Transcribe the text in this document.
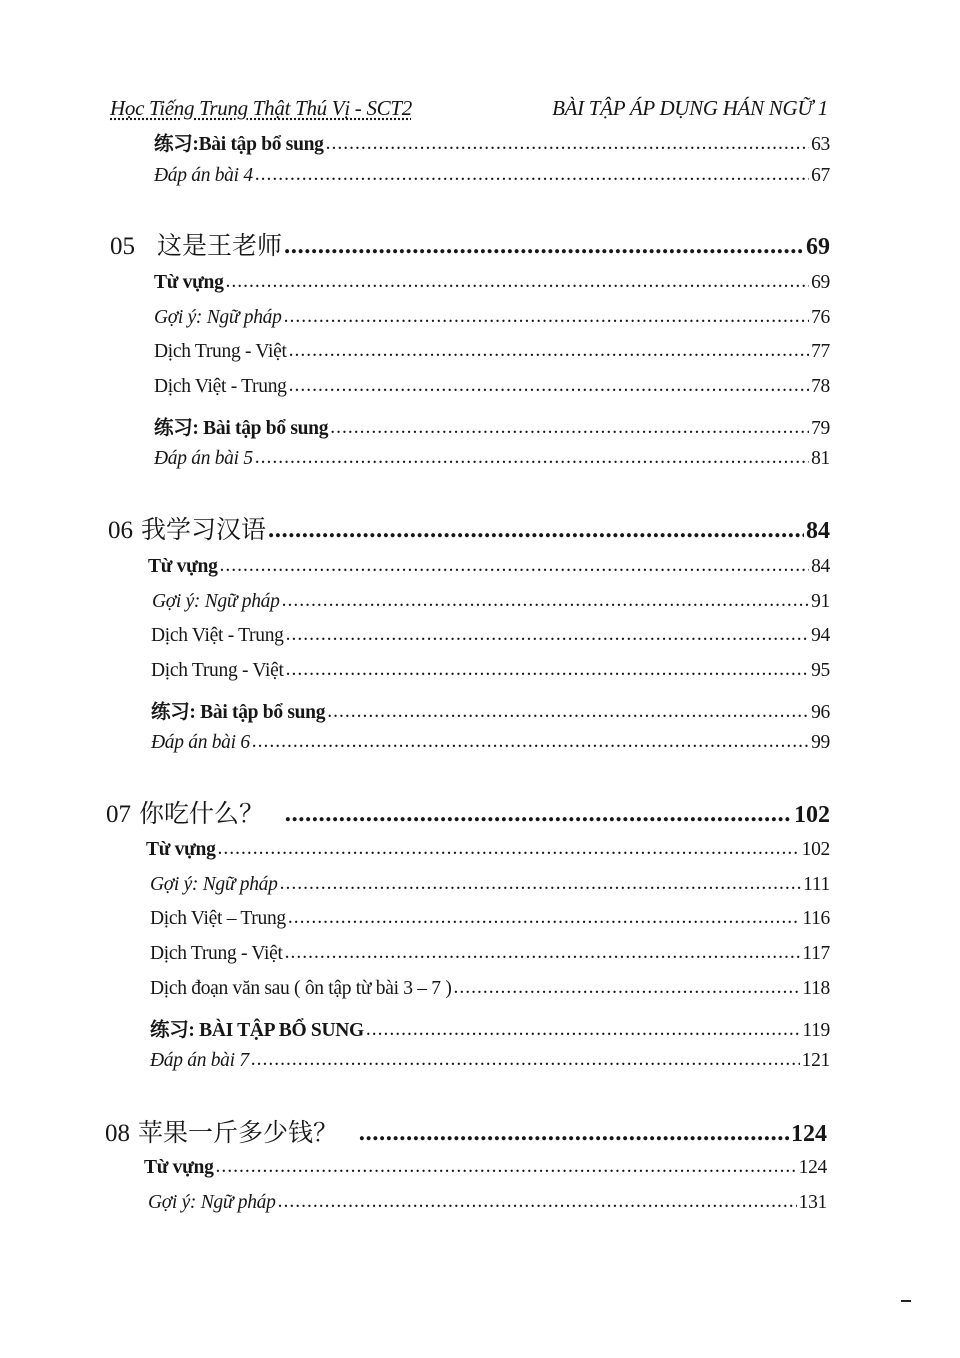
Học Tiếng Trung Thật Thú Vị - SCT2	BÀI TẬP ÁP DỤNG HÁN NGỮ 1
练习:Bài tập bổ sung .....	63
Đáp án bài 4 .....	67
05 这是王老师 .....	69
Từ vựng .....	69
Gợi ý: Ngữ pháp .....	76
Dịch Trung - Việt .....	77
Dịch Việt - Trung .....	78
练习: Bài tập bổ sung .....	79
Đáp án bài 5 .....	81
06 我学习汉语 .....	84
Từ vựng .....	84
Gợi ý: Ngữ pháp .....	91
Dịch Việt - Trung .....	94
Dịch Trung - Việt .....	95
练习: Bài tập bổ sung .....	96
Đáp án bài 6 .....	99
07 你吃什么？ .....	102
Từ vựng .....	102
Gợi ý: Ngữ pháp .....	111
Dịch Việt – Trung .....	116
Dịch Trung - Việt .....	117
Dịch đoạn văn sau ( ôn tập từ bài 3 – 7 ) .....	118
练习: BÀI TẬP BỔ SUNG .....	119
Đáp án bài 7 .....	121
08 苹果一斤多少钱？ .....	124
Từ vựng .....	124
Gợi ý: Ngữ pháp .....	131
